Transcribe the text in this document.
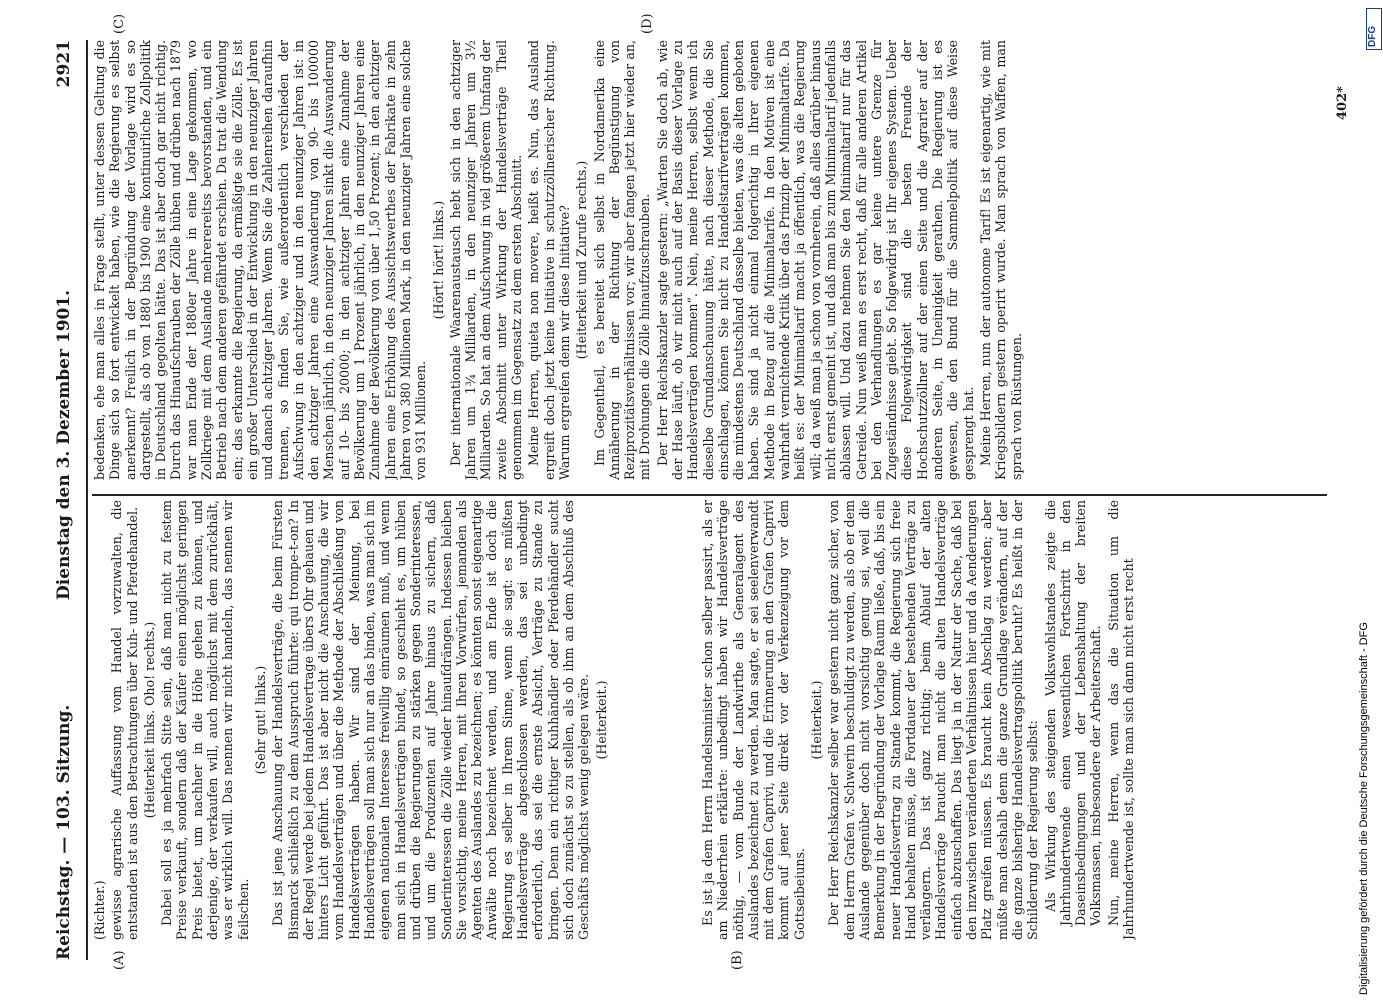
Reichstag. — 103. Sitzung.
Dienstag den 3. Dezember 1901.
2921
(A)	(B)
(C)	(D)

(Richter.) gewisse agrarische Auffassung vom Handel vorzuwalten, die entstanden ist aus den Betrachtungen über Kuh- und Pferdehandel. (Heiterkeit links. Oho! rechts.) Dabei soll es ja mehrfach Sitte sein, daß man nicht zu festem Preise verkauft, sondern daß der Käufer einen möglichst geringen Preis bietet, um nachher in die Höhe gehen zu können, und derjenige, der verkaufen will, auch möglichst mit dem zurückhält, was er wirklich will. Das nennen wir nicht handeln, das nennen wir feilschen.

(Sehr gut! links.) Das ist jene Anschauung der Handelsverträge, die beim Fürsten Bismarck schließlich zu dem Ausspruch führte: qui trompe-t-on? In der Regel werde bei jedem Handelsvertrage übers Ohr gehauen und hinters Licht geführt. Das ist aber nicht die Anschauung, die wir vom Handelsverträgen und über die Methode der Abschließung von Handelsverträgen haben. Wir sind der Meinung, bei Handelsverträgen soll man sich nur an das binden, was man sich im eigenen nationalen Interesse freiwillig einräumen muß, und wenn man sich in Handelsverträgen bindet, so geschieht es, um hüben und drüben die Regierungen zu stärken gegen Sonderinteressen, und um die Produzenten auf Jahre hinaus zu sichern, daß Sonderinteressen die Zölle wieder hinaufdrängen. Indessen bleiben Sie vorsichtig, meine Herren, mit Ihren Vorwürfen, jemanden als Agenten des Auslandes zu bezeichnen; es könnten sonst eigenartige Anwälte noch bezeichnet werden, und am Ende ist doch die Regierung es selber in Ihrem Sinne, wenn sie sagt: es müßten Handelsverträge abgeschlossen werden, das sei unbedingt erforderlich, das sei die ernste Absicht, Verträge zu Stande zu bringen. Denn ein richtiger Kuhhändler oder Pferdehändler sucht sich doch zunächst so zu stellen, als ob ihm an dem Abschluß des Geschäfts möglichst wenig gelegen wäre. (Heiterkeit.)	Es ist ja dem Herrn Handelsminister schon selber passirt, als er am Niederrhein erklärte: unbedingt haben wir Handelsverträge nöthig, — vom Bunde der Landwirthe als Generalagent des Auslandes bezeichnet zu werden. Man sagte, er sei seelenverwandt mit dem Grafen Caprivi, und die Erinnerung an den Grafen Caprivi kommt auf jener Seite direkt vor der Verkenzeigung vor dem Gottseibeiuns.

(Heiterkeit.) Der Herr Reichskanzler selber war gestern nicht ganz sicher, von dem Herrn Grafen v. Schwerin beschuldigt zu werden, als ob er dem Auslande gegenüber doch nicht vorsichtig genug sei, weil die Bemerkung in der Begründung der Vorlage Raum ließe, daß, bis ein neuer Handelsvertrag zu Stande kommt, die Regierung sich freie Hand behalten müsse, die Fortdauer der bestehenden Verträge zu verlängern. Das ist ganz richtig; beim Ablauf der alten Handelsverträge braucht man nicht die alten Handelsverträge einfach abzuschaffen. Das liegt ja in der Natur der Sache, daß bei den inzwischen veränderten Verhältnissen hier und da Aenderungen Platz greifen müssen. Es braucht kein Abschlag zu werden; aber müßte man deshalb denn die ganze Grundlage verändern, auf der die ganze bisherige Handelsvertragspolitik beruht? Es heißt in der Schilderung der Regierung selbst: Als Wirkung des steigenden Volkswohlstandes zeigte die Jahrhundertwende einen wesentlichen Fortschritt in den Daseinsbedingungen und der Lebenshaltung der breiten Volksmassen, insbesondere der Arbeiterschaft. Nun, meine Herren, wenn das die Situation um die Jahrhundertwende ist, sollte man sich dann nicht erst recht

bedenken, ehe man alles in Frage stellt, unter dessen Geltung die Dinge sich so fort entwickelt haben, wie die Regierung es selbst anerkennt? Freilich in der Begründung der Vorlage wird es so dargestellt, als ob von 1880 bis 1900 eine kontinuirliche Zollpolitik in Deutschland gegolten hätte. Das ist aber doch gar nicht richtig. Durch das Hinaufschrauben der Zölle hüben und drüben nach 1879 war man Ende der 1880er Jahre in eine Lage gekommen, wo Zollkriege mit dem Auslande mehrerereitss bevorstanden, und ein Betrieb nach dem anderen gefährdet erschien. Da trat die Wendung ein; das erkannte die Regierung, da ermäßigte sie die Zölle. Es ist ein großer Unterschied in der Entwicklung in den neunziger Jahren und danach achtziger Jahren. Wenn Sie die Zahlenreihen daraufhin trennen, so finden Sie, wie außerordentlich verschieden der Aufschwung in den achtziger und in den neunziger Jahren ist: in den achtziger Jahren eine Auswanderung von 90- bis 100000 Menschen jährlich, in den neunziger Jahren sinkt die Auswanderung auf 10- bis 20000; in den achtziger Jahren eine Zunahme der Bevölkerung um 1 Prozent jährlich, in den neunziger Jahren eine Zunahme der Bevölkerung von über 1,50 Prozent; in den achtziger Jahren eine Erhöhung des Aussichtswerthes der Fabrikate in zehn Jahren von 380 Millionen Mark, in den neunziger Jahren eine solche von 931 Millionen.

(Hört! hört! links.) Der internationale Waarenaustausch hebt sich in den achtziger Jahren um 1¾ Milliarden, in den neunziger Jahren um 3½ Milliarden. So hat an dem Aufschwung in viel größerem Umfang der zweite Abschnitt unter Wirkung der Handelsverträge Theil genommen im Gegensatz zu dem ersten Abschnitt. Meine Herren, quieta non movere, heißt es. Nun, das Ausland ergreift doch jetzt keine Initiative in schutzzöllnerischer Richtung. Warum ergreifen denn wir diese Initiative? (Heiterkeit und Zurufe rechts.) Im Gegentheil, es bereitet sich selbst in Nordamerika eine Annäherung in der Richtung der Begünstigung von Reziprozitätsverhältnissen vor; wir aber fangen jetzt hier wieder an, mit Drohungen die Zölle hinaufzuschrauben. Der Herr Reichskanzler sagte gestern: „Warten Sie doch ab, wie der Hase läuft, ob wir nicht auch auf der Basis dieser Vorlage zu Handelsverträgen kommen“. Nein, meine Herren, selbst wenn ich dieselbe Grundanschauung hätte, nach dieser Methode, die Sie einschlagen, können Sie nicht zu Handelstarifverträgen kommen, die mindestens Deutschland dasselbe bieten, was die alten geboten haben. Sie sind ja nicht einmal folgerichtig in Ihrer eigenen Methode in Bezug auf die Minimaltarife. In den Motiven ist eine wahrhaft vernichtende Kritik über das Prinzip der Minimaltarife. Da heißt es: der Minimaltarif macht ja öffentlich, was die Regierung will; da weiß man ja schon von vornherein, daß alles darüber hinaus nicht ernst gemeint ist, und daß man bis zum Minimaltarif jedenfalls ablassen will. Und dazu nehmen Sie den Minimaltarif nur für das Getreide. Nun weiß man es erst recht, daß für alle anderen Artikel bei den Verhandlungen es gar keine untere Grenze für Zugeständnisse giebt. So folgewidrig ist Ihr eigenes System. Ueber diese Folgewidrigkeit sind die besten Freunde der Hochschutzzöllner auf der einen Seite und die Agrarier auf der anderen Seite, in Uneinigkeit gerathen. Die Regierung ist es gewesen, die den Bund für die Sammelpolitik auf diese Weise gesprengt hat. Meine Herren, nun der autonome Tarif! Es ist eigenartig, wie mit Kriegsbildern gestern operirt wurde. Man sprach von Waffen, man sprach von Rüstungen.

402*
Digitalisierung gefördert durch die Deutsche Forschungsgemeinschaft - DFG
DFG
